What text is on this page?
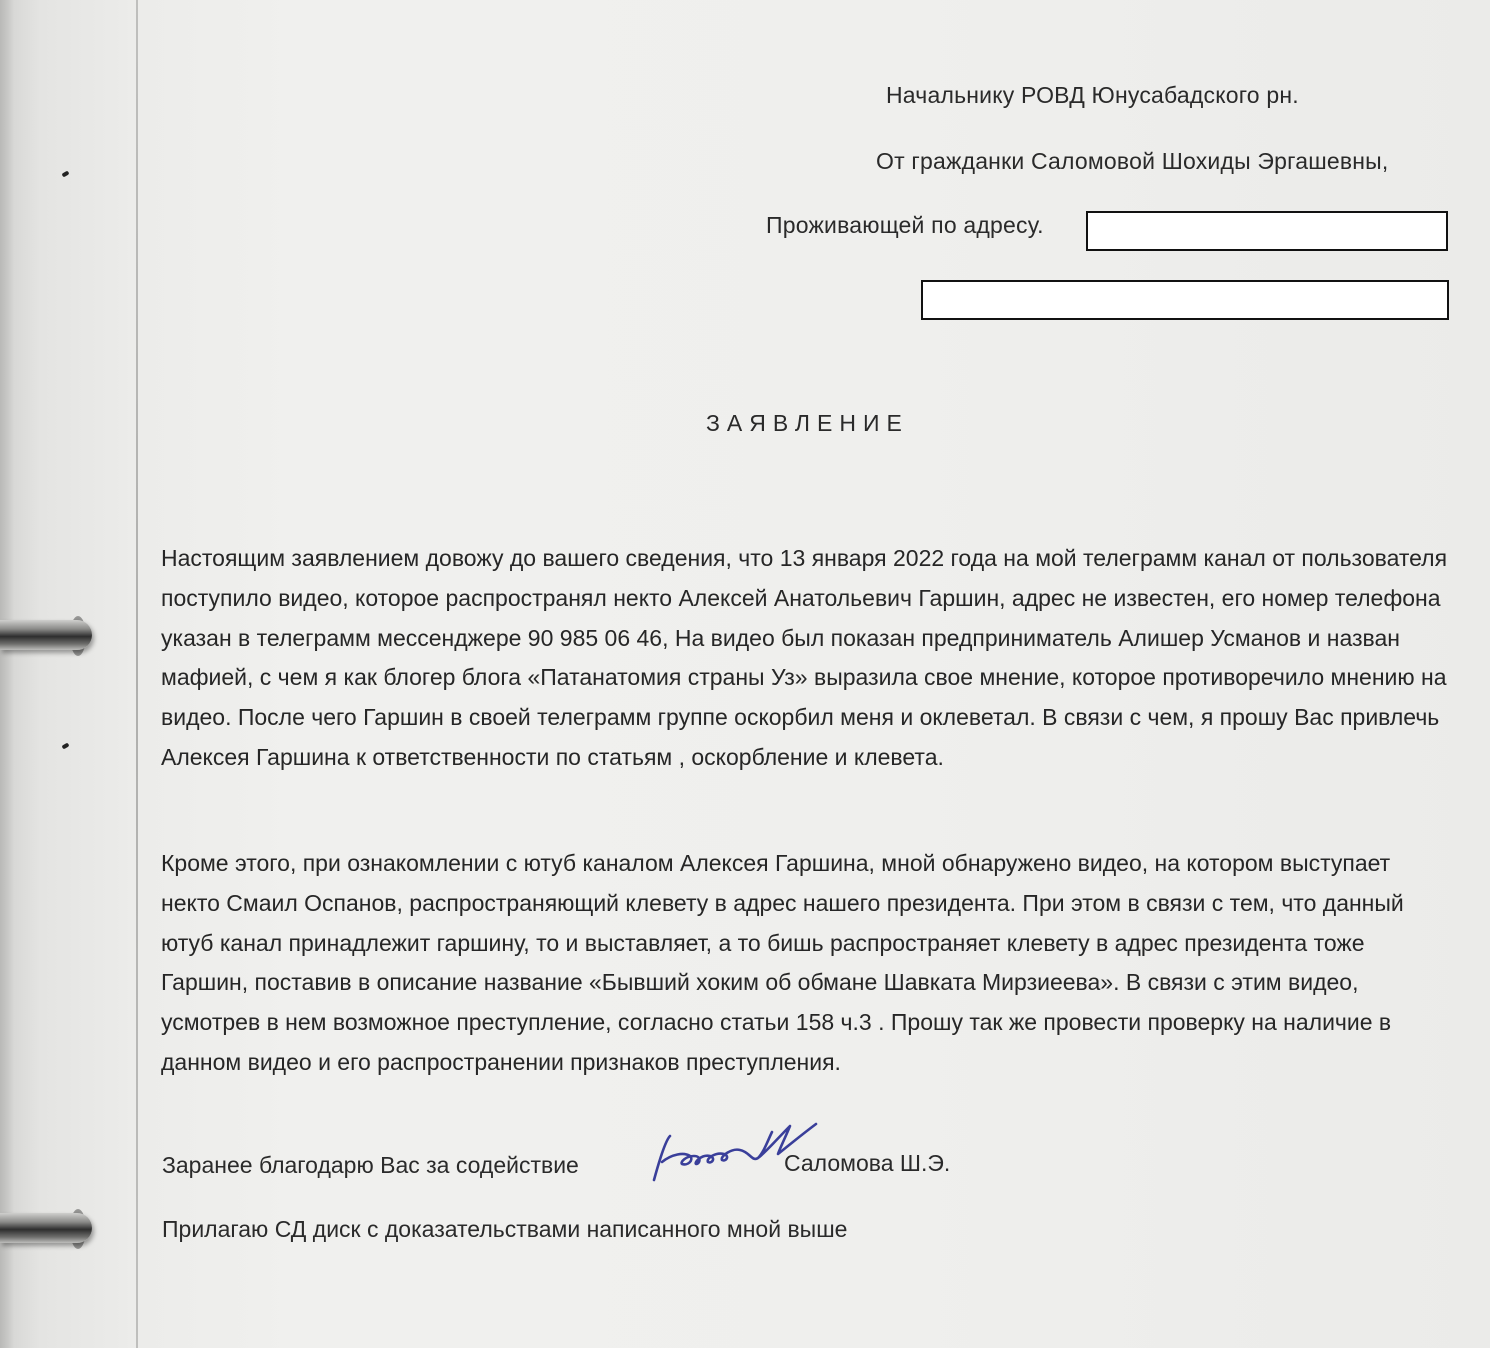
Начальнику РОВД Юнусабадского рн.
От гражданки Саломовой Шохиды Эргашевны,
Проживающей по адресу.
ЗАЯВЛЕНИЕ
Настоящим заявлением довожу до вашего сведения, что 13 января 2022 года на мой телеграмм канал от пользователя поступило видео, которое распространял некто Алексей Анатольевич Гаршин, адрес не известен, его номер телефона указан в телеграмм мессенджере 90 985 06 46, На видео был показан предприниматель Алишер Усманов и назван мафией, с чем я как блогер блога «Патанатомия страны Уз» выразила свое мнение, которое противоречило мнению на видео. После чего Гаршин в своей телеграмм группе оскорбил меня и оклеветал. В связи с чем, я прошу Вас привлечь Алексея Гаршина к ответственности по статьям , оскорбление и клевета.
Кроме этого, при ознакомлении с ютуб каналом Алексея Гаршина, мной обнаружено видео, на котором выступает некто Смаил Оспанов, распространяющий клевету в адрес нашего президента. При этом в связи с тем, что данный ютуб канал принадлежит гаршину, то и выставляет, а то бишь распространяет клевету в адрес президента тоже Гаршин, поставив в описание название «Бывший хоким об обмане Шавката Мирзиеева». В связи с этим видео, усмотрев в нем возможное преступление, согласно статьи 158 ч.3 . Прошу так же провести проверку на наличие в данном видео и его распространении признаков преступления.
Заранее благодарю Вас за содействие	Саломова Ш.Э.
Прилагаю СД диск с доказательствами написанного мной выше
